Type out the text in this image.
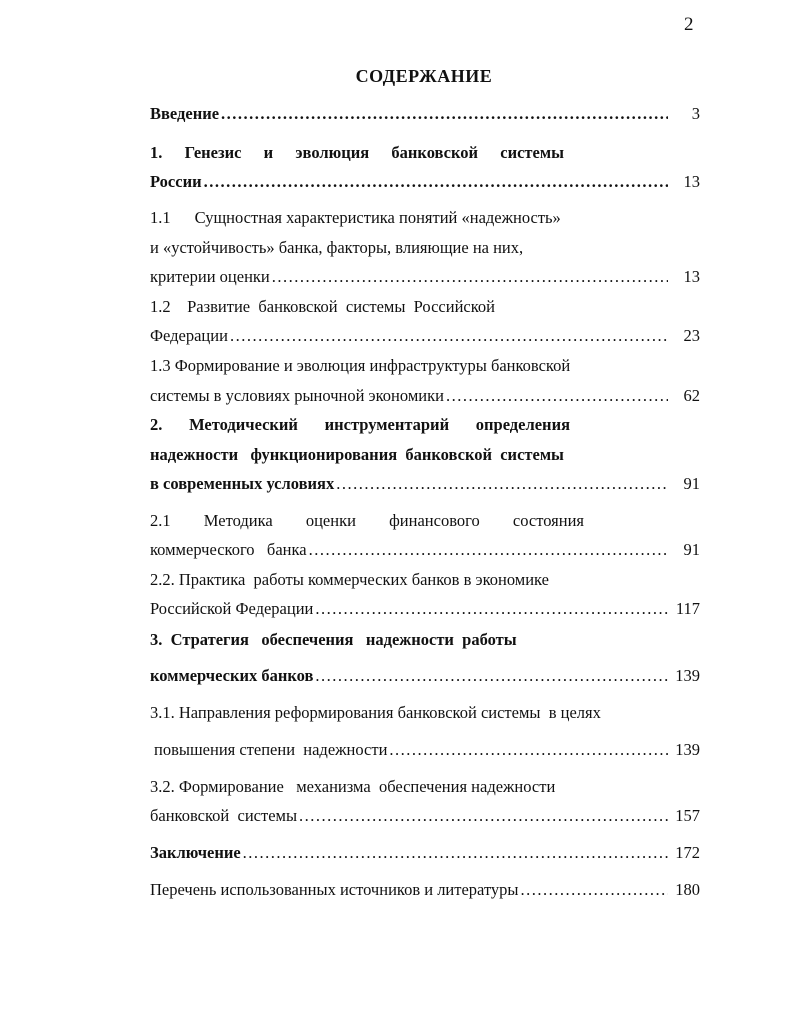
2
СОДЕРЖАНИЕ
Введение .....	3
1. Генезис и эволюция банковской системы
России .....	13
1.1 Сущностная характеристика понятий «надежность»
и «устойчивость» банка, факторы, влияющие на них,
критерии оценки .....	13
1.2    Развитие  банковской  системы  Российской
Федерации .....	23
1.3 Формирование и эволюция инфраструктуры банковской
системы в условиях рыночной экономики .....	62
2. Методический инструментарий определения
надежности   функционирования  банковской  системы
в современных условиях .....	91
2.1 Методика оценки финансового состояния
коммерческого   банка .....	91
2.2. Практика  работы коммерческих банков в экономике
Российской Федерации .....	117
3.  Стратегия   обеспечения   надежности  работы
коммерческих банков .....	139
3.1. Направления реформирования банковской системы  в целях
повышения степени  надежности .....	139
3.2. Формирование   механизма  обеспечения надежности
банковской  системы .....	157
Заключение .....	172
Перечень использованных источников и литературы .....	180
